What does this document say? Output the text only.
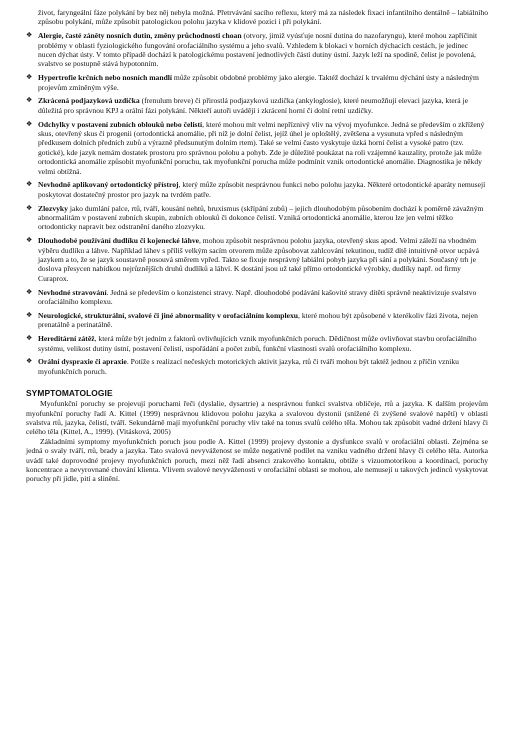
život, faryngeální fáze polykání by bez něj nebyla možná. Přetrvávání sacího reflexu, který má za následek fixaci infantilního dentálně – labiálního způsobu polykání, může způsobit patologickou polohu jazyka v klidové pozici i při polykání.

❖ Alergie, časté záněty nosních dutin, změny průchodnosti choan (otvory, jimiž vyúsťuje nosní dutina do nazofaryngu), které mohou zapříčinit problémy v oblasti fyziologického fungování orofaciálního systému a jeho svalů. Vzhledem k blokaci v horních dýchacích cestách, je jedinec nucen dýchat ústy. V tomto případě dochází k patologickému postavení jednotlivých částí dutiny ústní. Jazyk leží na spodině, čelist je povolená, svalstvo se postupně stává hypotonním.
❖ Hypertrofie krčních nebo nosních mandlí může způsobit obdobné problémy jako alergie. Taktéž dochází k trvalému dýchání ústy a následným projevům zmíněným výše.
❖ Zkrácená podjazyková uzdička (frenulum breve) či přirostlá podjazyková uzdička (ankyloglosie), které neumožňují elevaci jazyka, která je důležitá pro správnou KPJ a orální fázi polykání. Někteří autoři uvádějí i zkrácení horní či dolní retní uzdičky.
❖ Odchylky v postavení zubních oblouků nebo čelistí, které mohou mít velmi nepříznivý vliv na vývoj myofunkce. Jedná se především o zkřížený skus, otevřený skus či progenii (ortodontická anomálie, při níž je dolní čelist, jejíž úhel je oploštělý, zvětšena a vysunuta vpřed s následným předkusem dolních předních zubů a výrazně předsunutým dolním rtem). Také se velmi často vyskytuje úzká horní čelist a vysoké patro (tzv. gotické), kde jazyk nemám dostatek prostoru pro správnou polohu a pohyb. Zde je důležité poukázat na roli vzájemné kauzality, protože jak může ortodontická anomálie způsobit myofunkční poruchu, tak myofunkční porucha může podmínit vznik ortodontické anomálie. Diagnostika je někdy velmi obtížná.
❖ Nevhodně aplikovaný ortodontický přístroj, který může způsobit nesprávnou funkci nebo polohu jazyka. Některé ortodontické aparáty nemusejí poskytovat dostatečný prostor pro jazyk na tvrdém patře.
❖ Zlozvyky jako dumlání palce, rtů, tváří, kousání nehtů, bruxismus (skřípání zubů) – jejich dlouhodobým působením dochází k poměrně závažným abnormalitám v postavení zubních skupin, zubních oblouků či dokonce čelistí. Vzniká ortodontická anomálie, kterou lze jen velmi těžko ortodonticky napravit bez odstranění daného zlozvyku.
❖ Dlouhodobé používání dudlíku či kojenecké láhve, mohou způsobit nesprávnou polohu jazyka, otevřený skus apod. Velmi záleží na vhodném výběru dudlíku a láhve. Například láhev s příliš velkým sacím otvorem může způsobovat zahlcování tekutinou, tudíž dítě intuitivně otvor ucpává jazykem a to, že se jazyk soustavně posouvá směrem vpřed. Takto se fixuje nesprávný labiální pohyb jazyka při sání a polykání. Současný trh je doslova přesycen nabídkou nejrůznějších druhů dudlíků a láhví. K dostání jsou už také přímo ortodontické výrobky, dudlíky např. od firmy Curaprox.
❖ Nevhodné stravování. Jedná se především o konzistenci stravy. Např. dlouhodobé podávání kašovité stravy dítěti správně neaktivizuje svalstvo orofaciálního komplexu.
❖ Neurologické, strukturální, svalové či jiné abnormality v orofaciálním komplexu, které mohou být způsobené v kterékoliv fázi života, nejen prenatálně a perinatálně.
❖ Hereditární zátěž, která může být jedním z faktorů ovlivňujících vznik myofunkčních poruch. Dědičnost může ovlivňovat stavbu orofaciálního systému, velikost dutiny ústní, postavení čelistí, uspořádání a počet zubů, funkční vlastnosti svalů orofaciálního komplexu.
❖ Orální dyspraxie či apraxie. Potíže s realizací nečeských motorických aktivit jazyka, rtů či tváří mohou být taktéž jednou z příčin vzniku myofunkčních poruch.
SYMPTOMATOLOGIE

Myofunkční poruchy se projevují poruchami řeči (dyslalie, dysartrie) a nesprávnou funkcí svalstva obličeje, rtů a jazyka. K dalším projevům myofunkční poruchy řadí A. Kittel (1999) nesprávnou klidovou polohu jazyka a svalovou dystonii (snížené či zvýšené svalové napětí) v oblasti svalstva rtů, jazyka, čelistí, tváří. Sekundárně mají myofunkční poruchy vliv také na tonus svalů celého těla. Mohou tak způsobit vadné držení hlavy či celého těla (Kittel, A., 1999). (Vitásková, 2005)

Základními symptomy myofunkčních poruch jsou podle A. Kittel (1999) projevy dystonie a dysfunkce svalů v orofaciální oblasti. Zejména se jedná o svaly tváří, rtů, brady a jazyka. Tato svalová nevyváženost se může negativně podílet na vzniku vadného držení hlavy či celého těla. Autorka uvádí také doprovodné projevy myofunkčních poruch, mezi něž řadí absenci zrakového kontaktu, obtíže s vizuomotorikou a koordinací, poruchy koncentrace a nevyrovnané chování klienta. Vlivem svalové nevyváženosti v orofaciální oblasti se mohou, ale nemusejí u takových jedinců vyskytovat poruchy při jídle, pití a slinění.
